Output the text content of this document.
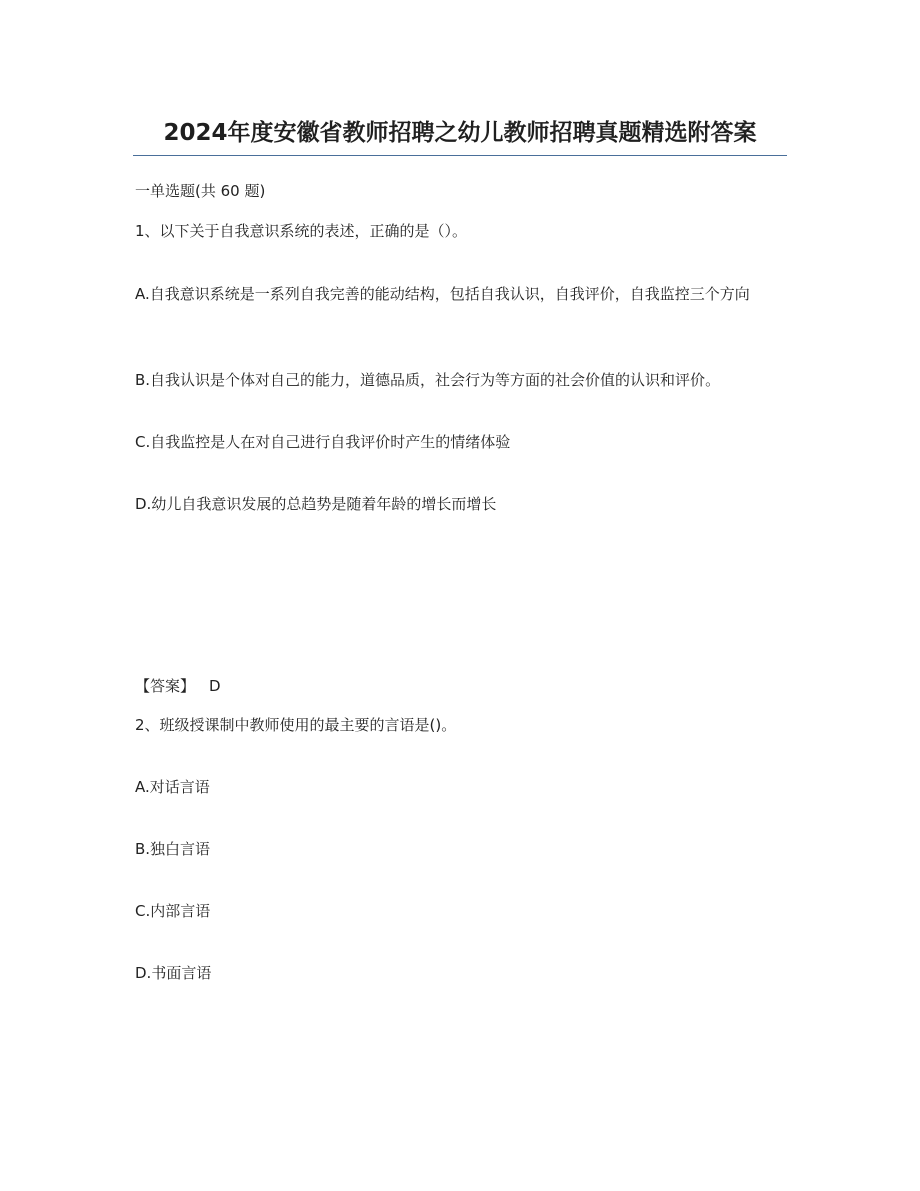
2024年度安徽省教师招聘之幼儿教师招聘真题精选附答案
一单选题(共 60 题)
1、以下关于自我意识系统的表述，正确的是（）。
A.自我意识系统是一系列自我完善的能动结构，包括自我认识，自我评价，自我监控三个方向
B.自我认识是个体对自己的能力，道德品质，社会行为等方面的社会价值的认识和评价。
C.自我监控是人在对自己进行自我评价时产生的情绪体验
D.幼儿自我意识发展的总趋势是随着年龄的增长而增长
【答案】 D
2、班级授课制中教师使用的最主要的言语是()。
A.对话言语
B.独白言语
C.内部言语
D.书面言语
